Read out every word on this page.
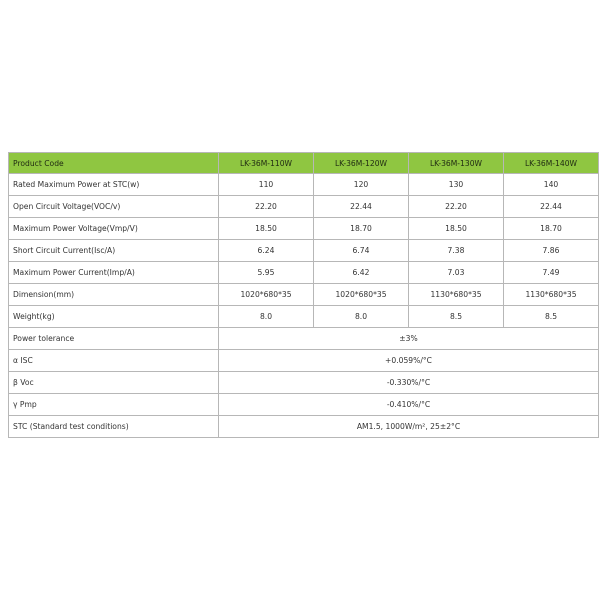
Product Code	LK-36M-110W	LK-36M-120W	LK-36M-130W	LK-36M-140W
Rated Maximum Power at STC(w)	110	120	130	140
Open Circuit Voltage(VOC/v)	22.20	22.44	22.20	22.44
Maximum Power Voltage(Vmp/V)	18.50	18.70	18.50	18.70
Short Circuit Current(Isc/A)	6.24	6.74	7.38	7.86
Maximum Power Current(Imp/A)	5.95	6.42	7.03	7.49
Dimension(mm)	1020*680*35	1020*680*35	1130*680*35	1130*680*35
Weight(kg)	8.0	8.0	8.5	8.5
Power tolerance	±3%			
α ISC	+0.059%/°C			
β Voc	-0.330%/°C			
γ Pmp	-0.410%/°C			
STC (Standard test conditions)	AM1.5, 1000W/m², 25±2°C			
